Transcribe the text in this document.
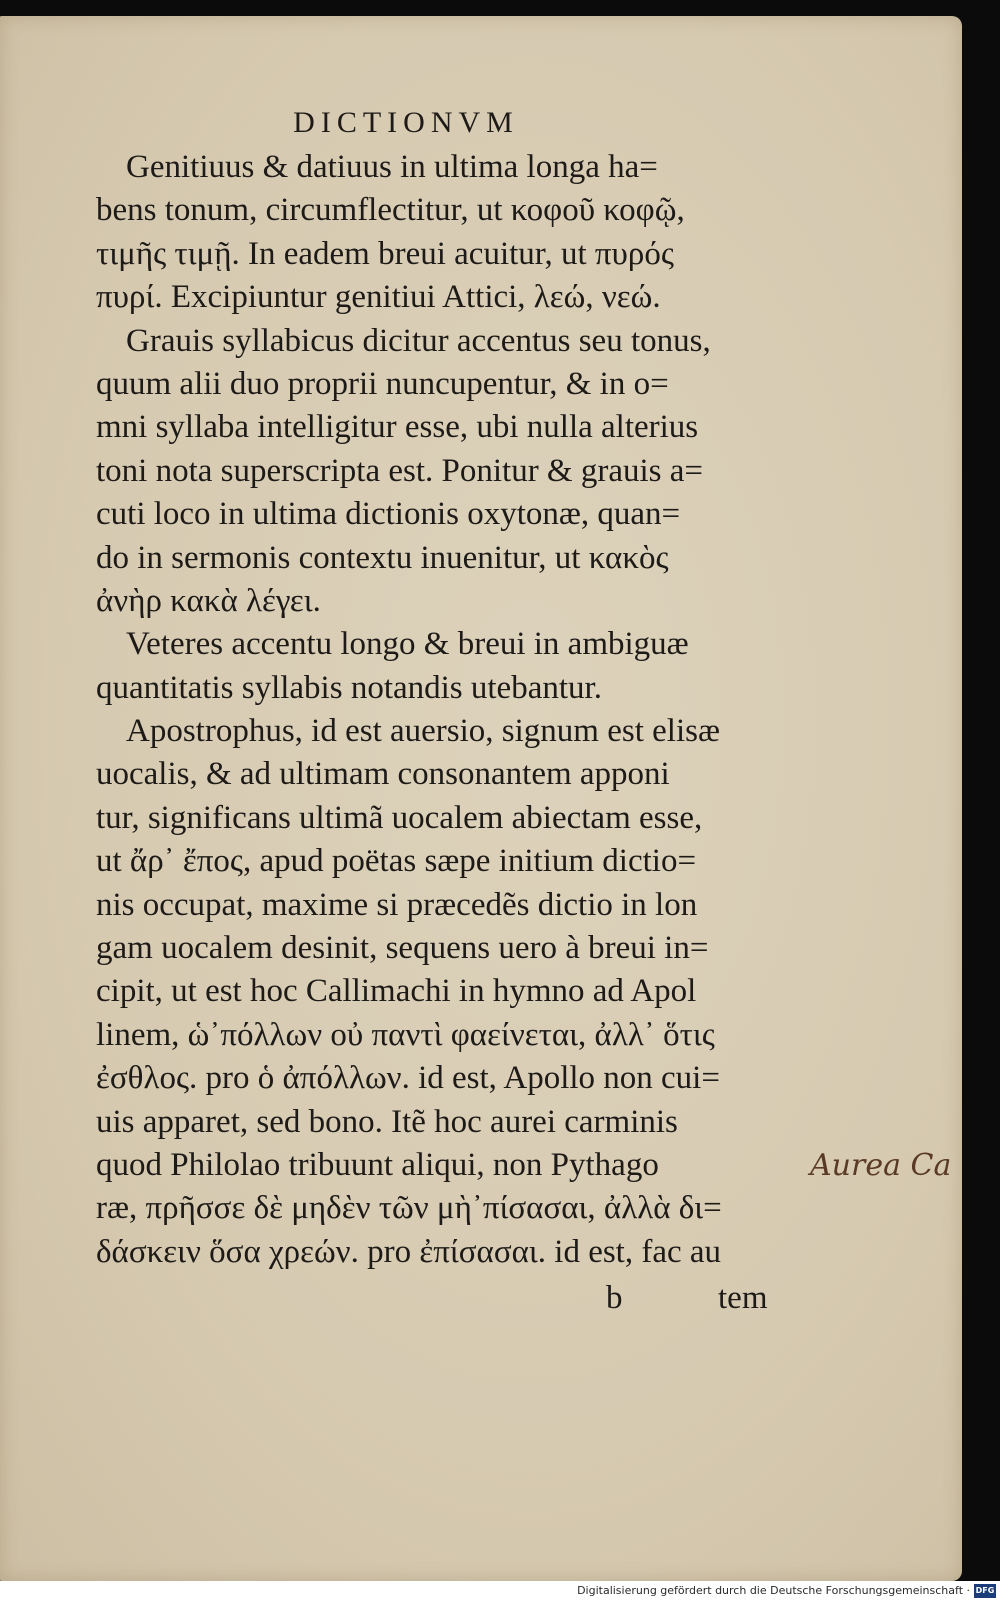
DICTIONVM
Genitiuus & datiuus in ultima longa ha=
bens tonum, circumflectitur, ut κοφοῦ κοφῷ,
τιμῆς τιμῇ. In eadem breui acuitur, ut πυρός
πυρί. Excipiuntur genitiui Attici, λεώ, νεώ.
Grauis syllabicus dicitur accentus seu tonus,
quum alii duo proprii nuncupentur, & in o=
mni syllaba intelligitur esse, ubi nulla alterius
toni nota superscripta est. Ponitur & grauis a=
cuti loco in ultima dictionis oxytonæ, quan=
do in sermonis contextu inuenitur, ut κακὸς
ἀνὴρ κακὰ λέγει.
Veteres accentu longo & breui in ambiguæ
quantitatis syllabis notandis utebantur.
Apostrophus, id est auersio, signum est elisæ
uocalis, & ad ultimam consonantem apponi
tur, significans ultimã uocalem abiectam esse,
ut ἄρ᾽ ἔπος, apud poëtas sæpe initium dictio=
nis occupat, maxime si præcedẽs dictio in lon
gam uocalem desinit, sequens uero à breui in=
cipit, ut est hoc Callimachi in hymno ad Apol
linem, ὡ᾽πόλλων οὐ παντὶ φαείνεται, ἀλλ᾽ ὅτις
ἐσθλος. pro ὁ ἀπόλλων. id est, Apollo non cui=
uis apparet, sed bono. Itẽ hoc aurei carminis
quod Philolao tribuunt aliqui, non Pythago
ræ, πρῆσσε δὲ μηδὲν τῶν μὴ᾽πίσασαι, ἀλλὰ δι=
δάσκειν ὅσα χρεών. pro ἐπίσασαι. id est, fac au
b	tem
Aurea Ca
Digitalisierung gefördert durch die Deutsche Forschungsgemeinschaft · DFG
